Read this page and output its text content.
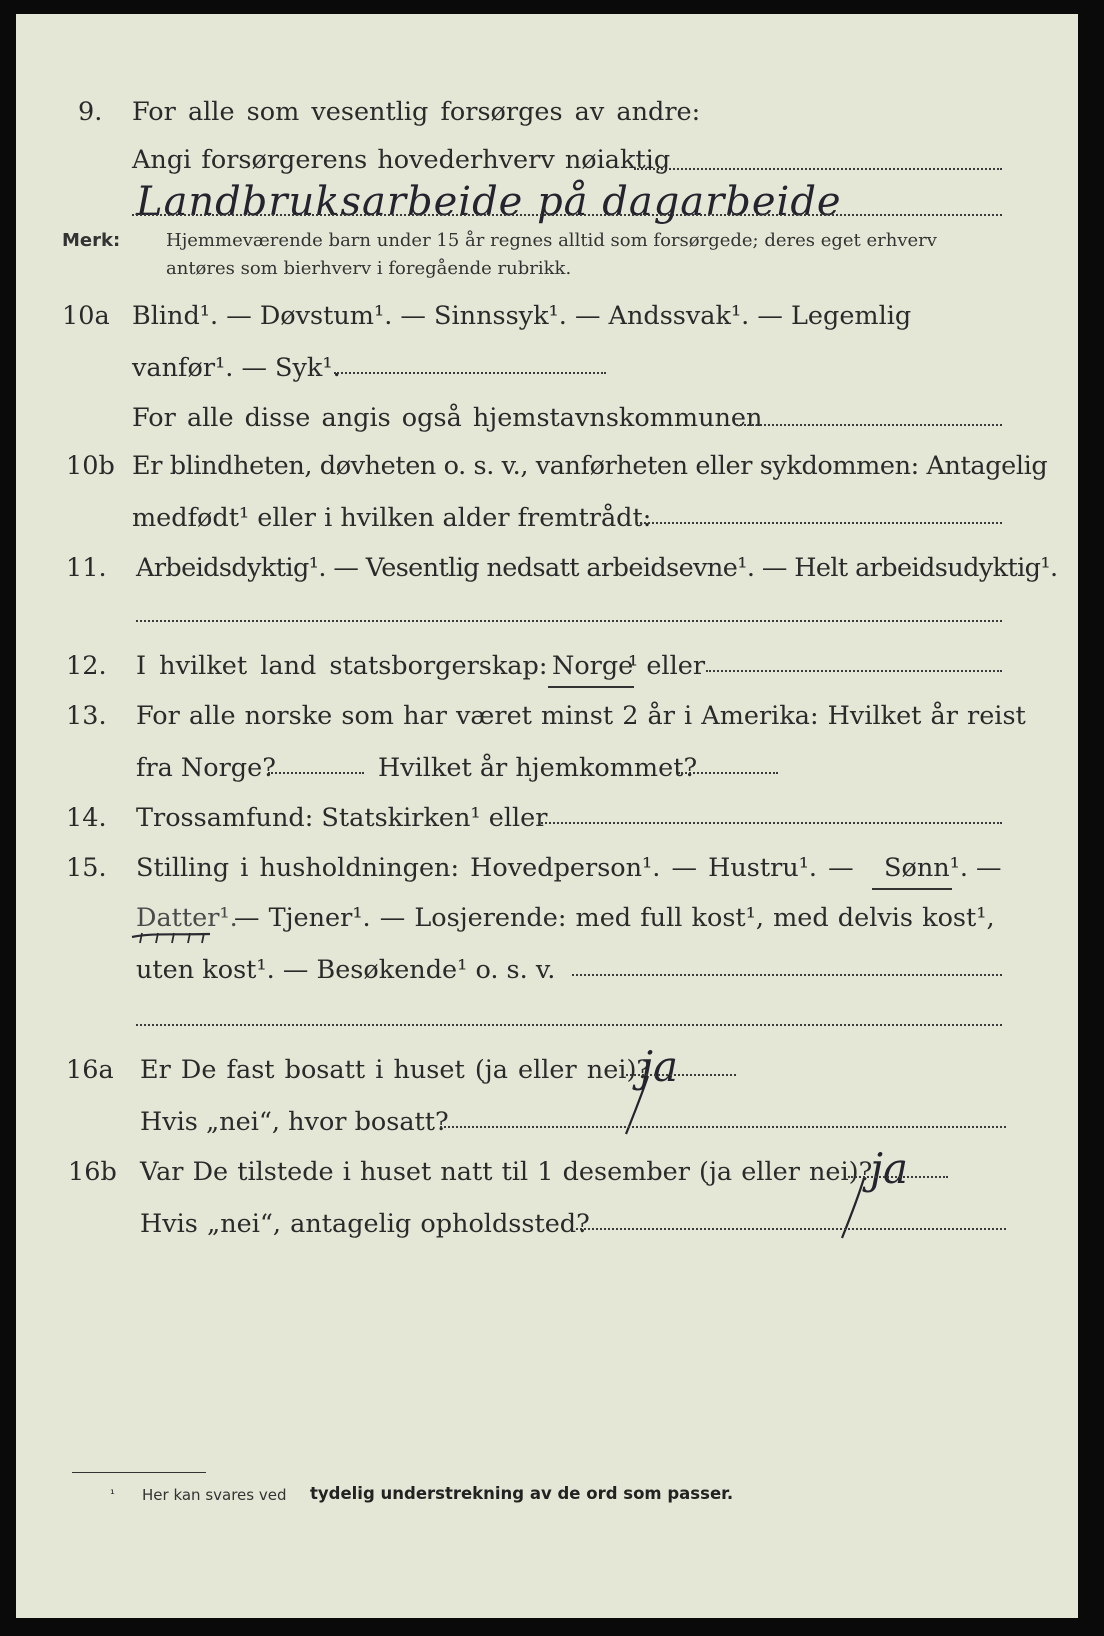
9. For alle som vesentlig forsørges av andre:
Angi forsørgerens hovederhverv nøiaktig
Landbruksarbeide på dagarbeide
Merk:	Hjemmeværende barn under 15 år regnes alltid som forsørgede; deres eget erhverv
antøres som bierhverv i foregående rubrikk.
10a Blind¹. — Døvstum¹. — Sinnssyk¹. — Andssvak¹. — Legemlig
vanfør¹. — Syk¹.
For alle disse angis også hjemstavnskommunen
10b Er blindheten, døvheten o. s. v., vanførheten eller sykdommen: Antagelig
medfødt¹ eller i hvilken alder fremtrådt:
11. Arbeidsdyktig¹. — Vesentlig nedsatt arbeidsevne¹. — Helt arbeidsudyktig¹.
12. I hvilket land statsborgerskap: Norge
¹ eller
13. For alle norske som har været minst 2 år i Amerika: Hvilket år reist
fra Norge?	Hvilket år hjemkommet?
14. Trossamfund: Statskirken¹ eller
15. Stilling i husholdningen: Hovedperson¹. — Hustru¹. — Sønn¹. —
Datter¹.
— Tjener¹. — Losjerende: med full kost¹, med delvis kost¹,
uten kost¹. — Besøkende¹ o. s. v.
16a Er De fast bosatt i huset (ja eller nei)?
ja
Hvis „nei“, hvor bosatt?
16b Var De tilstede i huset natt til 1 desember (ja eller nei)?
ja
Hvis „nei“, antagelig opholdssted?
¹ Her kan svares ved tydelig understrekning av de ord som passer.
